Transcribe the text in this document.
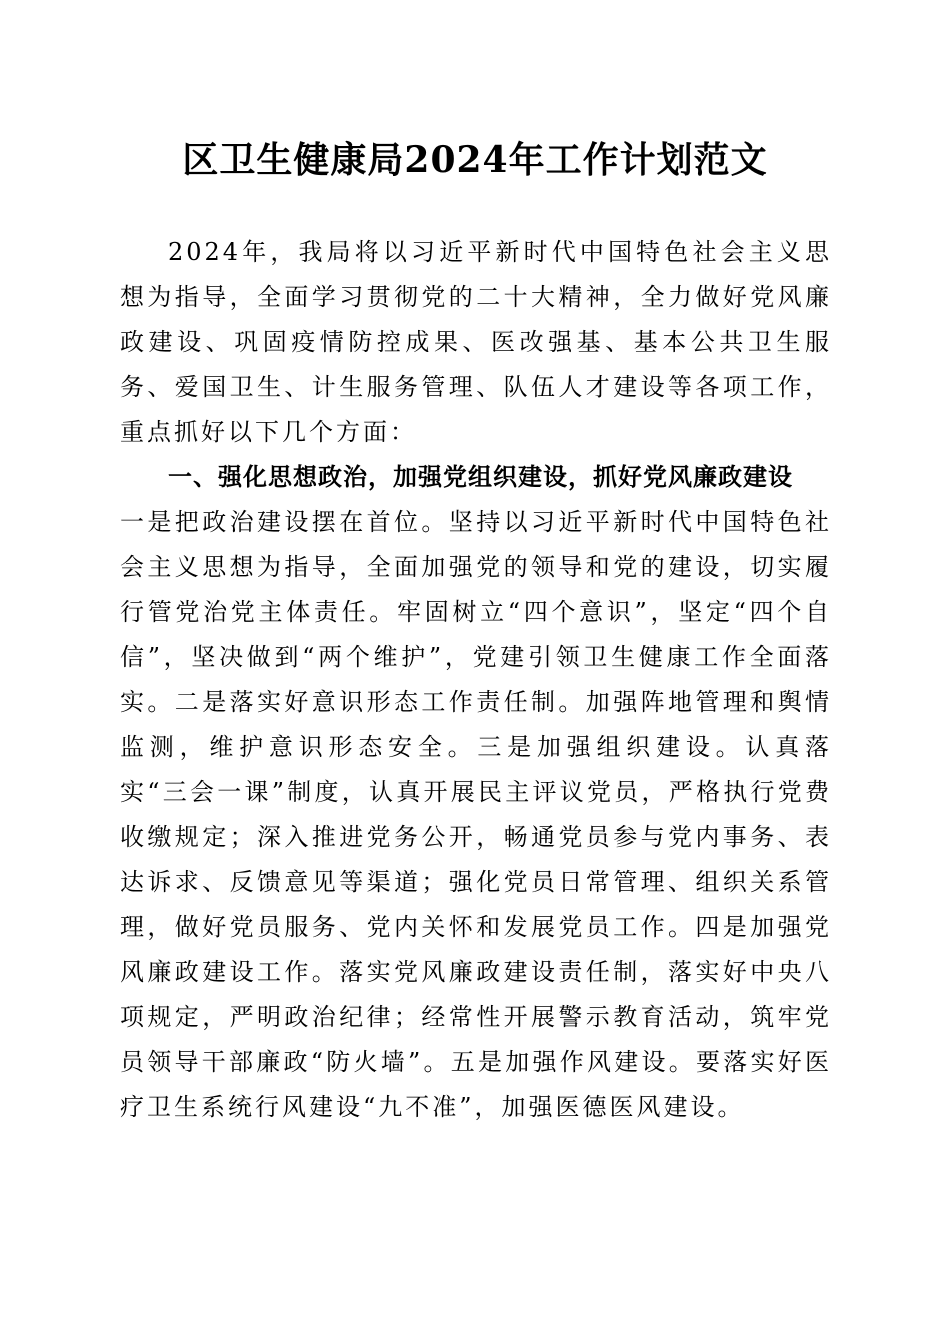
区卫生健康局2024年工作计划范文

2024年，我局将以习近平新时代中国特色社会主义思想为指导，全面学习贯彻党的二十大精神，全力做好党风廉政建设、巩固疫情防控成果、医改强基、基本公共卫生服务、爱国卫生、计生服务管理、队伍人才建设等各项工作，重点抓好以下几个方面：

一、强化思想政治，加强党组织建设，抓好党风廉政建设

一是把政治建设摆在首位。坚持以习近平新时代中国特色社会主义思想为指导，全面加强党的领导和党的建设，切实履行管党治党主体责任。牢固树立“四个意识”，坚定“四个自信”，坚决做到“两个维护”，党建引领卫生健康工作全面落实。二是落实好意识形态工作责任制。加强阵地管理和舆情监测，维护意识形态安全。三是加强组织建设。认真落实“三会一课”制度，认真开展民主评议党员，严格执行党费收缴规定；深入推进党务公开，畅通党员参与党内事务、表达诉求、反馈意见等渠道；强化党员日常管理、组织关系管理，做好党员服务、党内关怀和发展党员工作。四是加强党风廉政建设工作。落实党风廉政建设责任制，落实好中央八项规定，严明政治纪律；经常性开展警示教育活动，筑牢党员领导干部廉政“防火墙”。五是加强作风建设。要落实好医疗卫生系统行风建设“九不准”，加强医德医风建设。
